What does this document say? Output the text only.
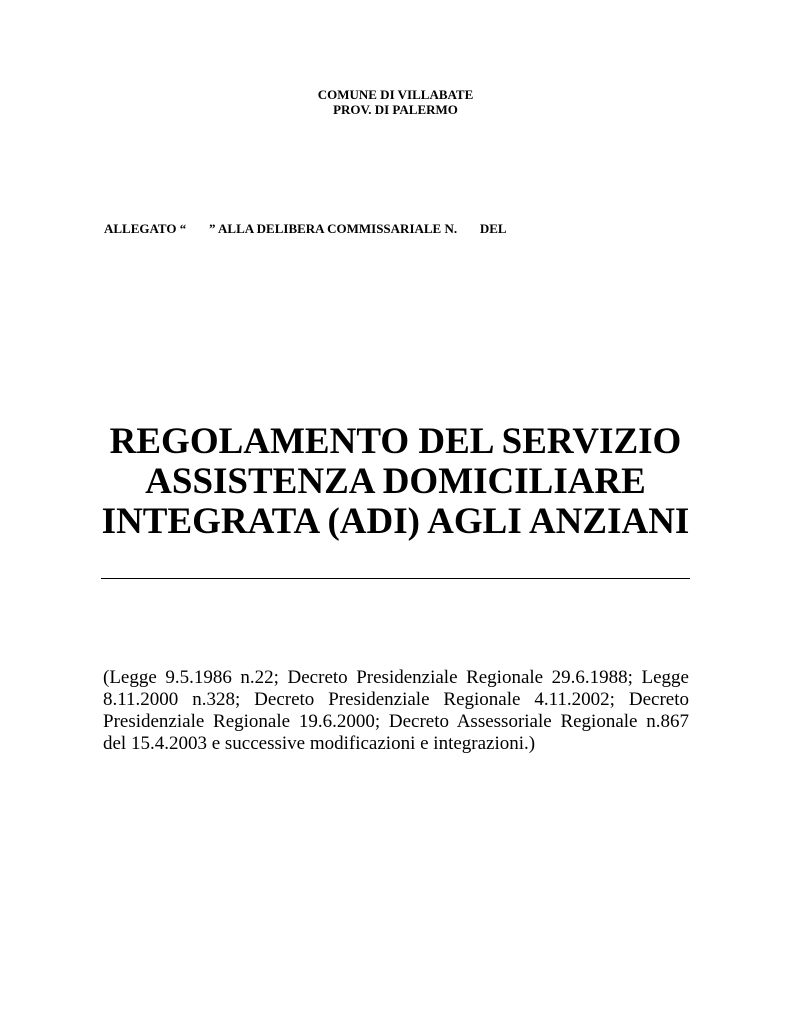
COMUNE DI VILLABATE
PROV. DI PALERMO
ALLEGATO “       ” ALLA DELIBERA COMMISSARIALE N.       DEL
REGOLAMENTO DEL SERVIZIO
ASSISTENZA DOMICILIARE
INTEGRATA (ADI) AGLI ANZIANI
(Legge 9.5.1986 n.22; Decreto Presidenziale Regionale 29.6.1988; Legge 8.11.2000 n.328; Decreto Presidenziale Regionale 4.11.2002; Decreto Presidenziale Regionale 19.6.2000; Decreto Assessoriale Regionale n.867 del 15.4.2003 e successive modificazioni e integrazioni.)
